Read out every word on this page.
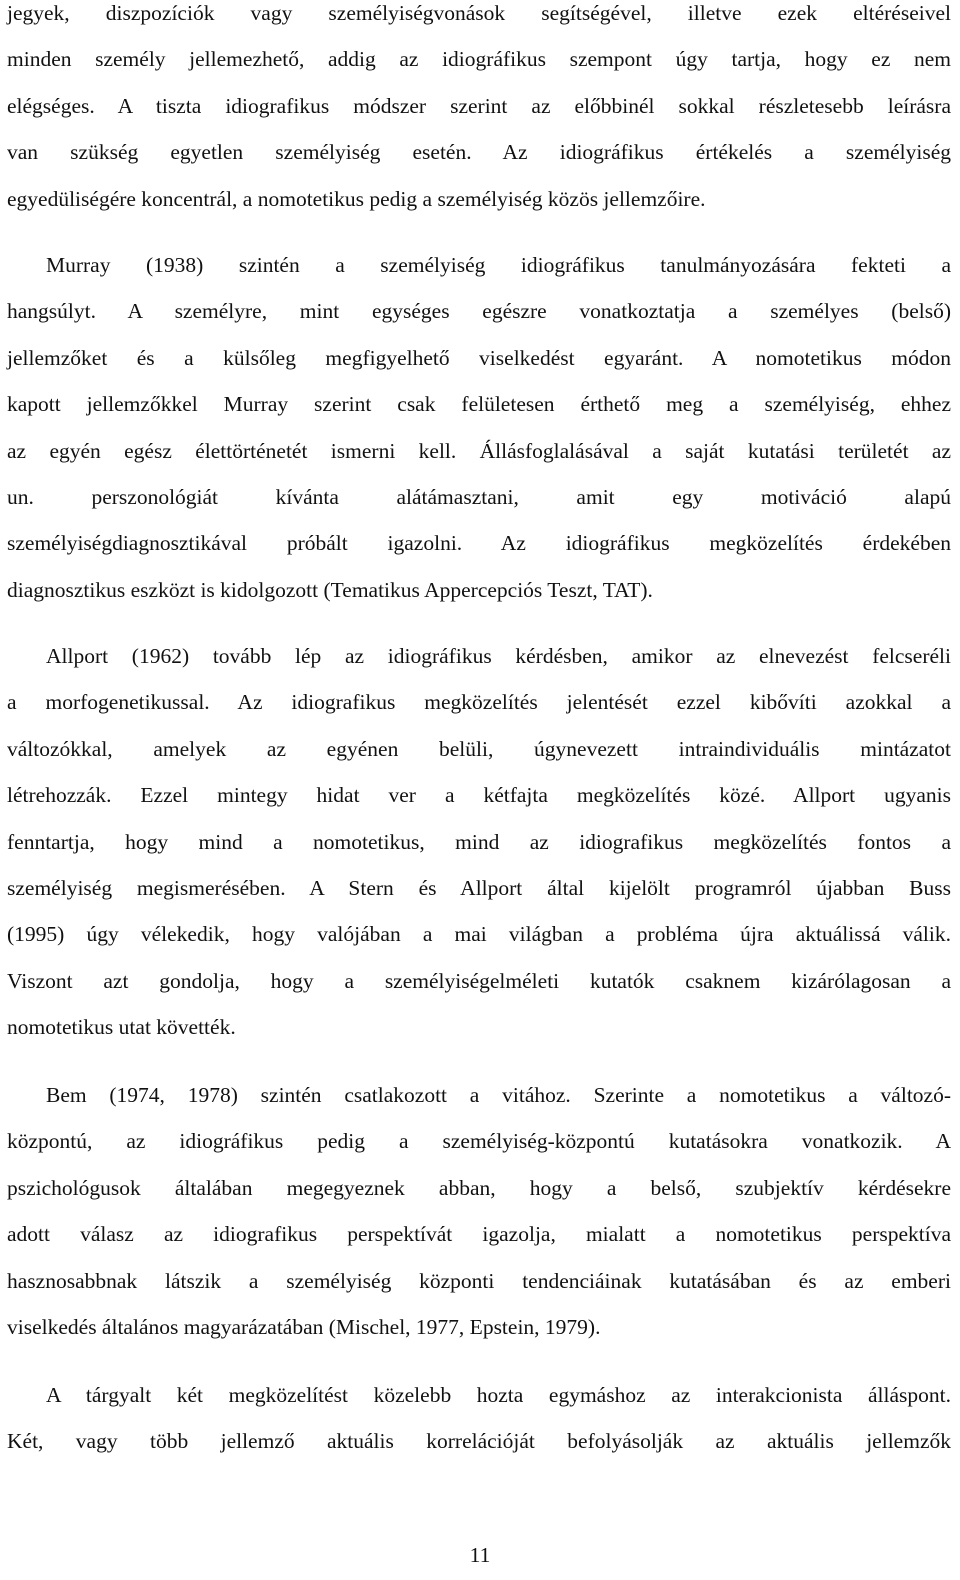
jegyek, diszpozíciók vagy személyiségvonások segítségével, illetve ezek eltéréseivel
minden személy jellemezhető, addig az idiográfikus szempont úgy tartja, hogy ez nem
elégséges. A tiszta idiografikus módszer szerint az előbbinél sokkal részletesebb leírásra
van szükség egyetlen személyiség esetén. Az idiográfikus értékelés a személyiség
egyedüliségére koncentrál, a nomotetikus pedig a személyiség közös jellemzőire.
Murray (1938) szintén a személyiség idiográfikus tanulmányozására fekteti a
hangsúlyt. A személyre, mint egységes egészre vonatkoztatja a személyes (belső)
jellemzőket és a külsőleg megfigyelhető viselkedést egyaránt. A nomotetikus módon
kapott jellemzőkkel Murray szerint csak felületesen érthető meg a személyiség, ehhez
az egyén egész élettörténetét ismerni kell. Állásfoglalásával a saját kutatási területét az
un. perszonológiát kívánta alátámasztani, amit egy motiváció alapú
személyiségdiagnosztikával próbált igazolni. Az idiográfikus megközelítés érdekében
diagnosztikus eszközt is kidolgozott (Tematikus Appercepciós Teszt, TAT).
Allport (1962) tovább lép az idiográfikus kérdésben, amikor az elnevezést felcseréli
a morfogenetikussal. Az idiografikus megközelítés jelentését ezzel kibővíti azokkal a
változókkal, amelyek az egyénen belüli, úgynevezett intraindividuális mintázatot
létrehozzák. Ezzel mintegy hidat ver a kétfajta megközelítés közé. Allport ugyanis
fenntartja, hogy mind a nomotetikus, mind az idiografikus megközelítés fontos a
személyiség megismerésében. A Stern és Allport által kijelölt programról újabban Buss
(1995) úgy vélekedik, hogy valójában a mai világban a probléma újra aktuálissá válik.
Viszont azt gondolja, hogy a személyiségelméleti kutatók csaknem kizárólagosan a
nomotetikus utat követték.
Bem (1974, 1978) szintén csatlakozott a vitához. Szerinte a nomotetikus a változó-
központú, az idiográfikus pedig a személyiség-központú kutatásokra vonatkozik. A
pszichológusok általában megegyeznek abban, hogy a belső, szubjektív kérdésekre
adott válasz az idiografikus perspektívát igazolja, mialatt a nomotetikus perspektíva
hasznosabbnak látszik a személyiség központi tendenciáinak kutatásában és az emberi
viselkedés általános magyarázatában (Mischel, 1977, Epstein, 1979).
A tárgyalt két megközelítést közelebb hozta egymáshoz az interakcionista álláspont.
Két, vagy több jellemző aktuális korrelációját befolyásolják az aktuális jellemzők
11
